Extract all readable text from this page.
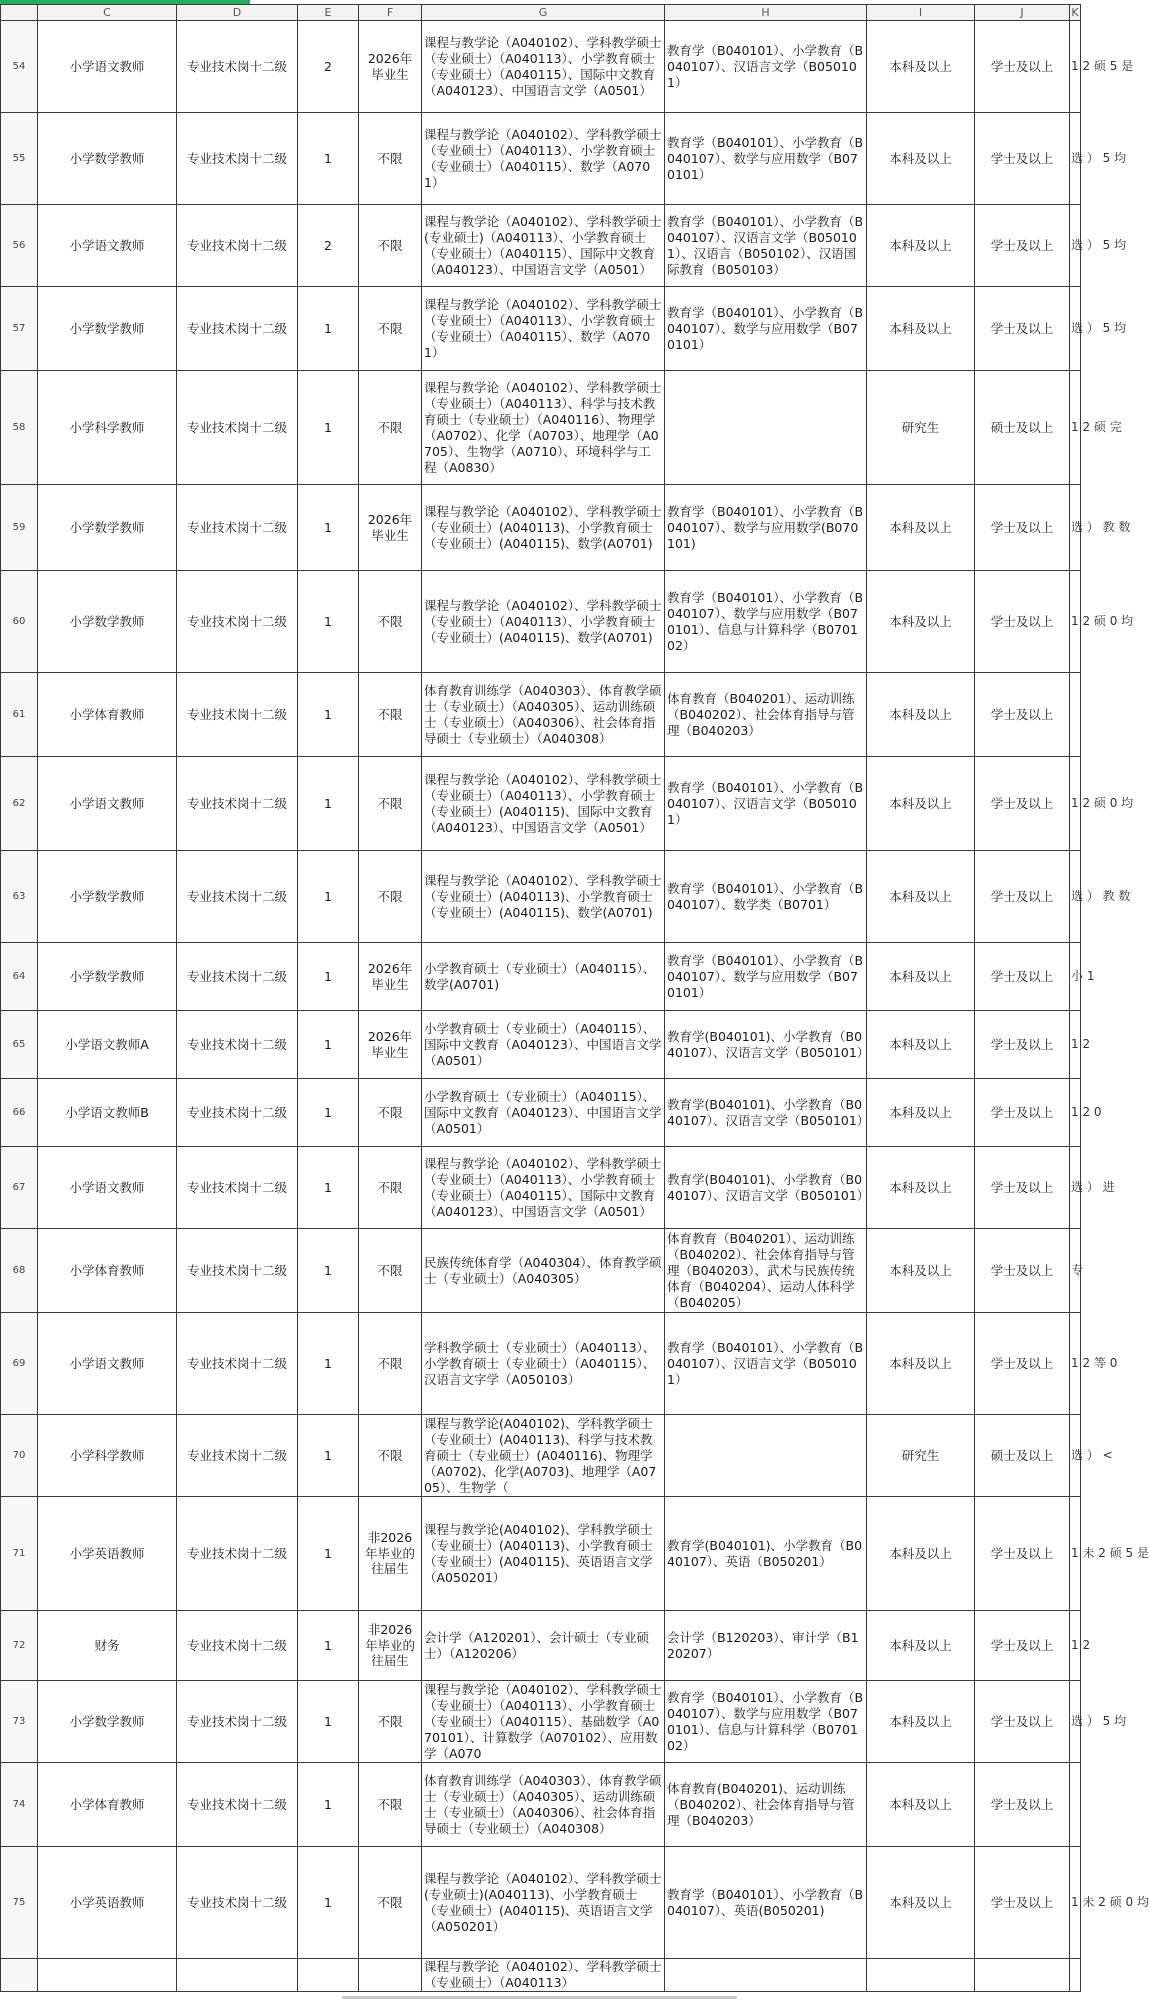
	C	D	E	F	G	H	I	J	K
54	小学语文教师	专业技术岗十二级	2	2026年毕业生	课程与教学论（A040102）、学科教学硕士（专业硕士）（A040113）、小学教育硕士（专业硕士）（A040115）、国际中文教育（A040123）、中国语言文学（A0501）	教育学（B040101）、小学教育（B040107）、汉语言文学（B050101）	本科及以上	学士及以上	1 2 硕 5 是
55	小学数学教师	专业技术岗十二级	1	不限	课程与教学论（A040102）、学科教学硕士（专业硕士）（A040113）、小学教育硕士（专业硕士）（A040115）、数学（A0701）	教育学（B040101）、小学教育（B040107）、数学与应用数学（B070101）	本科及以上	学士及以上	选 ） 5 均
56	小学语文教师	专业技术岗十二级	2	不限	课程与教学论（A040102）、学科教学硕士(专业硕士)（A040113）、小学教育硕士（专业硕士）（A040115）、国际中文教育（A040123）、中国语言文学（A0501）	教育学（B040101）、小学教育（B040107）、汉语言文学（B050101）、汉语言（B050102）、汉语国际教育（B050103）	本科及以上	学士及以上	选 ） 5 均
57	小学数学教师	专业技术岗十二级	1	不限	课程与教学论（A040102）、学科教学硕士（专业硕士）（A040113）、小学教育硕士（专业硕士）（A040115）、数学（A0701）	教育学（B040101）、小学教育（B040107）、数学与应用数学（B070101）	本科及以上	学士及以上	选 ） 5 均
58	小学科学教师	专业技术岗十二级	1	不限	课程与教学论（A040102）、学科教学硕士（专业硕士）（A040113）、科学与技术教育硕士（专业硕士）（A040116）、物理学（A0702）、化学（A0703）、地理学（A0705）、生物学（A0710）、环境科学与工程（A0830）		研究生	硕士及以上	1 2 硕 完
59	小学数学教师	专业技术岗十二级	1	2026年毕业生	课程与教学论（A040102）、学科教学硕士（专业硕士）(A040113)、小学教育硕士（专业硕士）(A040115)、数学(A0701)	教育学（B040101）、小学教育（B040107）、数学与应用数学(B070101)	本科及以上	学士及以上	选 ） 教 数
60	小学数学教师	专业技术岗十二级	1	不限	课程与教学论（A040102）、学科教学硕士（专业硕士）（A040113）、小学教育硕士（专业硕士）(A040115)、数学(A0701)	教育学（B040101）、小学教育（B040107）、数学与应用数学（B070101）、信息与计算科学（B070102）	本科及以上	学士及以上	1 2 硕 0 均
61	小学体育教师	专业技术岗十二级	1	不限	体育教育训练学（A040303）、体育教学硕士（专业硕士）（A040305）、运动训练硕士（专业硕士）（A040306）、社会体育指导硕士（专业硕士）（A040308）	体育教育（B040201）、运动训练（B040202）、社会体育指导与管理（B040203）	本科及以上	学士及以上	
62	小学语文教师	专业技术岗十二级	1	不限	课程与教学论（A040102）、学科教学硕士（专业硕士）（A040113）、小学教育硕士（专业硕士）(A040115)、国际中文教育（A040123）、中国语言文学（A0501）	教育学（B040101）、小学教育（B040107）、汉语言文学（B050101）	本科及以上	学士及以上	1 2 硕 0 均
63	小学数学教师	专业技术岗十二级	1	不限	课程与教学论（A040102）、学科教学硕士（专业硕士）(A040113)、小学教育硕士（专业硕士）(A040115)、数学(A0701)	教育学（B040101）、小学教育（B040107）、数学类（B0701）	本科及以上	学士及以上	选 ） 教 数
64	小学数学教师	专业技术岗十二级	1	2026年毕业生	小学教育硕士（专业硕士）（A040115）、数学(A0701)	教育学（B040101）、小学教育（B040107）、数学与应用数学（B070101）	本科及以上	学士及以上	小 1
65	小学语文教师A	专业技术岗十二级	1	2026年毕业生	小学教育硕士（专业硕士）（A040115）、国际中文教育（A040123）、中国语言文学（A0501）	教育学(B040101)、小学教育（B040107）、汉语言文学（B050101）	本科及以上	学士及以上	1 2
66	小学语文教师B	专业技术岗十二级	1	不限	小学教育硕士（专业硕士）（A040115）、国际中文教育（A040123）、中国语言文学（A0501）	教育学(B040101)、小学教育（B040107）、汉语言文学（B050101）	本科及以上	学士及以上	1 2 0
67	小学语文教师	专业技术岗十二级	1	不限	课程与教学论（A040102）、学科教学硕士（专业硕士）（A040113）、小学教育硕士（专业硕士）（A040115）、国际中文教育（A040123）、中国语言文学（A0501）	教育学(B040101)、小学教育（B040107）、汉语言文学（B050101）	本科及以上	学士及以上	选 ） 进
68	小学体育教师	专业技术岗十二级	1	不限	民族传统体育学（A040304）、体育教学硕士（专业硕士）（A040305）	体育教育（B040201）、运动训练（B040202）、社会体育指导与管理（B040203）、武术与民族传统体育（B040204）、运动人体科学（B040205）	本科及以上	学士及以上	专
69	小学语文教师	专业技术岗十二级	1	不限	学科教学硕士（专业硕士）（A040113）、小学教育硕士（专业硕士）（A040115）、汉语言文字学（A050103）	教育学（B040101）、小学教育（B040107）、汉语言文学（B050101）	本科及以上	学士及以上	1 2 等 0
70	小学科学教师	专业技术岗十二级	1	不限	课程与教学论(A040102)、学科教学硕士（专业硕士）(A040113)、科学与技术教育硕士（专业硕士）(A040116)、物理学（A0702)、化学(A0703)、地理学（A0705）、生物学（		研究生	硕士及以上	选 ） <
71	小学英语教师	专业技术岗十二级	1	非2026年毕业的往届生	课程与教学论(A040102)、学科教学硕士（专业硕士）(A040113)、小学教育硕士（专业硕士）(A040115)、英语语言文学（A050201）	教育学(B040101)、小学教育（B040107）、英语（B050201）	本科及以上	学士及以上	1 未 2 硕 5 是
72	财务	专业技术岗十二级	1	非2026年毕业的往届生	会计学（A120201）、会计硕士（专业硕士）（A120206）	会计学（B120203）、审计学（B120207）	本科及以上	学士及以上	1 2
73	小学数学教师	专业技术岗十二级	1	不限	课程与教学论（A040102）、学科教学硕士（专业硕士）（A040113）、小学教育硕士（专业硕士）（A040115）、基础数学（A070101）、计算数学（A070102）、应用数学（A070	教育学（B040101）、小学教育（B040107）、数学与应用数学（B070101）、信息与计算科学（B070102）	本科及以上	学士及以上	选 ） 5 均
74	小学体育教师	专业技术岗十二级	1	不限	体育教育训练学（A040303）、体育教学硕士（专业硕士）（A040305）、运动训练硕士（专业硕士）（A040306）、社会体育指导硕士（专业硕士）（A040308）	体育教育(B040201)、运动训练（B040202）、社会体育指导与管理（B040203）	本科及以上	学士及以上	
75	小学英语教师	专业技术岗十二级	1	不限	课程与教学论（A040102）、学科教学硕士(专业硕士)(A040113)、小学教育硕士（专业硕士）(A040115)、英语语言文学（A050201）	教育学（B040101）、小学教育（B040107）、英语(B050201)	本科及以上	学士及以上	1 未 2 硕 0 均
					课程与教学论（A040102）、学科教学硕士（专业硕士）（A040113）				
